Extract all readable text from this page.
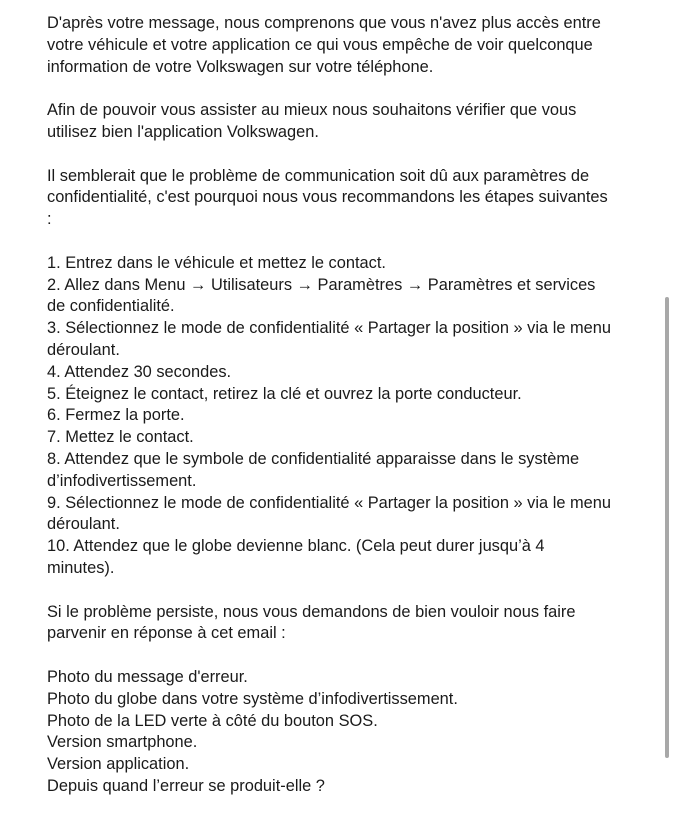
D'après votre message, nous comprenons que vous n'avez plus accès entre votre véhicule et votre application ce qui vous empêche de voir quelconque information de votre Volkswagen sur votre téléphone.

Afin de pouvoir vous assister au mieux nous souhaitons vérifier que vous utilisez bien l'application Volkswagen.

Il semblerait que le problème de communication soit dû aux paramètres de confidentialité, c'est pourquoi nous vous recommandons les étapes suivantes :

1. Entrez dans le véhicule et mettez le contact.
2. Allez dans Menu → Utilisateurs → Paramètres → Paramètres et services de confidentialité.
3. Sélectionnez le mode de confidentialité « Partager la position » via le menu déroulant.
4. Attendez 30 secondes.
5. Éteignez le contact, retirez la clé et ouvrez la porte conducteur.
6. Fermez la porte.
7. Mettez le contact.
8. Attendez que le symbole de confidentialité apparaisse dans le système d’infodivertissement.
9. Sélectionnez le mode de confidentialité « Partager la position » via le menu déroulant.
10. Attendez que le globe devienne blanc. (Cela peut durer jusqu’à 4 minutes).

Si le problème persiste, nous vous demandons de bien vouloir nous faire parvenir en réponse à cet email :

Photo du message d'erreur.
Photo du globe dans votre système d’infodivertissement.
Photo de la LED verte à côté du bouton SOS.
Version smartphone.
Version application.
Depuis quand l’erreur se produit-elle ?
